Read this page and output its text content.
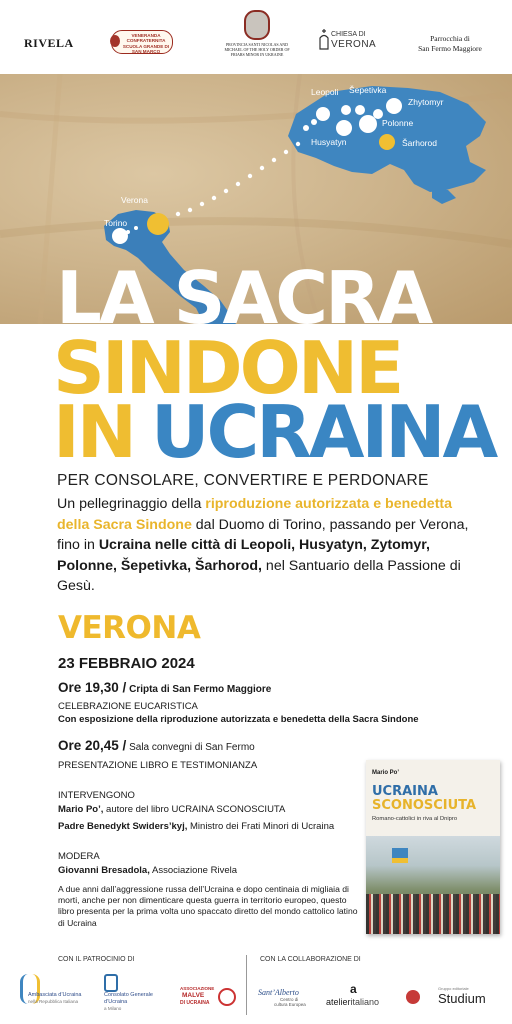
RIVELA
VENERANDA CONFRATERNITA SCUOLA GRANDE DI SAN MARCO
PROVINCIA SANTI NICOLAS AND MICHAEL OF THE HOLY ORDER OF FRIARS MINOR IN UKRAINE
CHIESA DI
VERONA
Parrocchia di
San Fermo Maggiore
Leopoli Šepetivka
Zhytomyr
Husyatyn
Polonne
Šarhorod
Verona
Torino
LA SACRA
SINDONE
IN UCRAINA
PER CONSOLARE, CONVERTIRE E PERDONARE
Un pellegrinaggio della riproduzione autorizzata e benedetta della Sacra Sindone dal Duomo di Torino, passando per Verona, fino in Ucraina nelle città di Leopoli, Husyatyn, Zytomyr, Polonne, Šepetivka, Šarhorod, nel Santuario della Passione di Gesù.
VERONA
23 FEBBRAIO 2024
Ore 19,30 / Cripta di San Fermo Maggiore
CELEBRAZIONE EUCARISTICA
Con esposizione della riproduzione autorizzata e benedetta della Sacra Sindone
Ore 20,45 / Sala convegni di San Fermo
PRESENTAZIONE LIBRO E TESTIMONIANZA
INTERVENGONO
Mario Po’, autore del libro UCRAINA SCONOSCIUTA
Padre Benedykt Swiders’kyj, Ministro dei Frati Minori di Ucraina
MODERA
Giovanni Bresadola, Associazione Rivela
A due anni dall’aggressione russa dell’Ucraina e dopo centinaia di migliaia di morti, anche per non dimenticare questa guerra in territorio europeo, questo libro presenta per la prima volta uno spaccato diretto del mondo cattolico latino di Ucraina
Mario Po’
UCRAINA
SCONOSCIUTA
Romano-cattolici in riva al Dnipro
CON IL PATROCINIO DI	CON LA COLLABORAZIONE DI
Ambasciata d’Ucraina
nella Repubblica Italiana
Consolato Generale
d’Ucraina
a Milano
ASSOCIAZIONE
MALVE
DI UCRAINA
Sant’Alberto
Centro di
cultura Europea
a
atelieritaliano
Gruppo editoriale
Studium
